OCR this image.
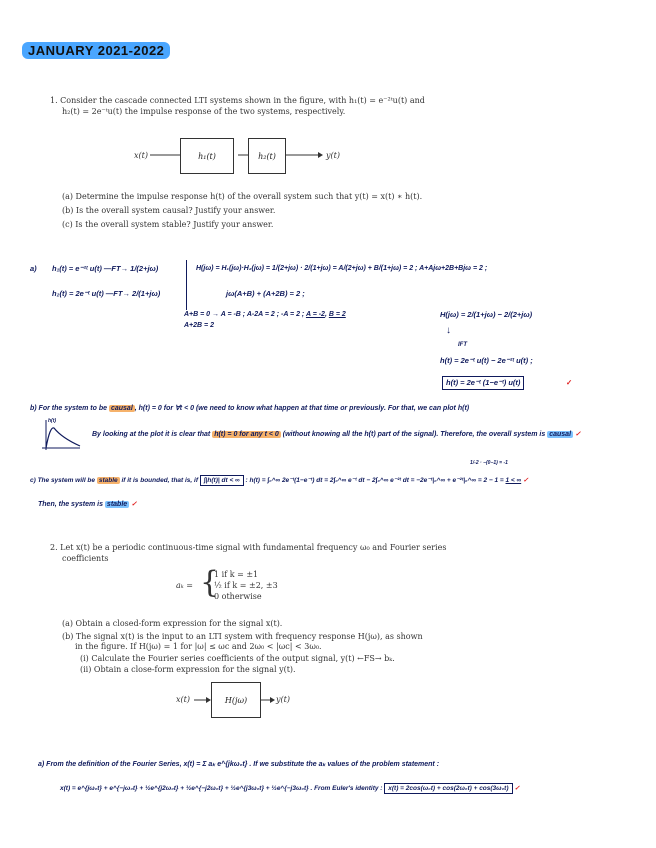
JANUARY 2021-2022
1. Consider the cascade connected LTI systems shown in the figure, with h₁(t) = e⁻²ᵗu(t) and
h₂(t) = 2e⁻ᵗu(t) the impulse response of the two systems, respectively.
x(t)	h₁(t)	h₂(t)	y(t)
(a) Determine the impulse response h(t) of the overall system such that y(t) = x(t) ∗ h(t).
(b) Is the overall system causal? Justify your answer.
(c) Is the overall system stable? Justify your answer.
a) h₁(t) = e⁻²ᵗ u(t) —FT→ 1/(2+jω)
h₂(t) = 2e⁻ᵗ u(t) —FT→ 2/(1+jω)
H(jω) = H₁(jω)·H₂(jω) = 1/(2+jω) · 2/(1+jω) = A/(2+jω) + B/(1+jω) = 2 ; A+Ajω+2B+Bjω = 2 ;
jω(A+B) + (A+2B) = 2 ;
A+B = 0 → A = -B ; A-2A = 2 ; -A = 2 ; A = -2, B = 2
A+2B = 2
H(jω) = 2/(1+jω) − 2/(2+jω)
↓
IFT
h(t) = 2e⁻ᵗ u(t) − 2e⁻²ᵗ u(t) ;
h(t) = 2e⁻ᵗ (1−e⁻ᵗ) u(t)	✓
b) For the system to be causal , h(t) = 0 for ∀t < 0 (we need to know what happen at that time or previously. For that, we can plot h(t)
h(t)
By looking at the plot it is clear that h(t) = 0 for any t < 0 (without knowing all the h(t) part of the signal). Therefore, the overall system is causal ✓
1/-2 · −(0−1) = -1
c) The system will be stable if it is bounded, that is, if ∫|h(t)| dt < ∞ : h(t) = ∫₀^∞ 2e⁻ᵗ(1−e⁻ᵗ) dt = 2∫₀^∞ e⁻ᵗ dt − 2∫₀^∞ e⁻²ᵗ dt = −2e⁻ᵗ|₀^∞ + e⁻²ᵗ|₀^∞ = 2 − 1 = 1 < ∞ ✓
Then, the system is stable ✓
2. Let x(t) be a periodic continuous-time signal with fundamental frequency ω₀ and Fourier series
coefficients
aₖ = {
1 if k = ±1
½ if k = ±2, ±3
0 otherwise
(a) Obtain a closed-form expression for the signal x(t).
(b) The signal x(t) is the input to an LTI system with frequency response H(jω), as shown
in the figure. If H(jω) = 1 for |ω| ≤ ωc and 2ω₀ < |ωc| < 3ω₀.
(i) Calculate the Fourier series coefficients of the output signal, y(t) ←FS→ bₖ.
(ii) Obtain a close-form expression for the signal y(t).
x(t)	H(jω)	y(t)
a) From the definition of the Fourier Series, x(t) = Σ aₖ e^{jkω₀t} . If we substitute the aₖ values of the problem statement :
x(t) = e^{jω₀t} + e^{−jω₀t} + ½e^{j2ω₀t} + ½e^{−j2ω₀t} + ½e^{j3ω₀t} + ½e^{−j3ω₀t} . From Euler's identity : x(t) = 2cos(ω₀t) + cos(2ω₀t) + cos(3ω₀t) ✓
